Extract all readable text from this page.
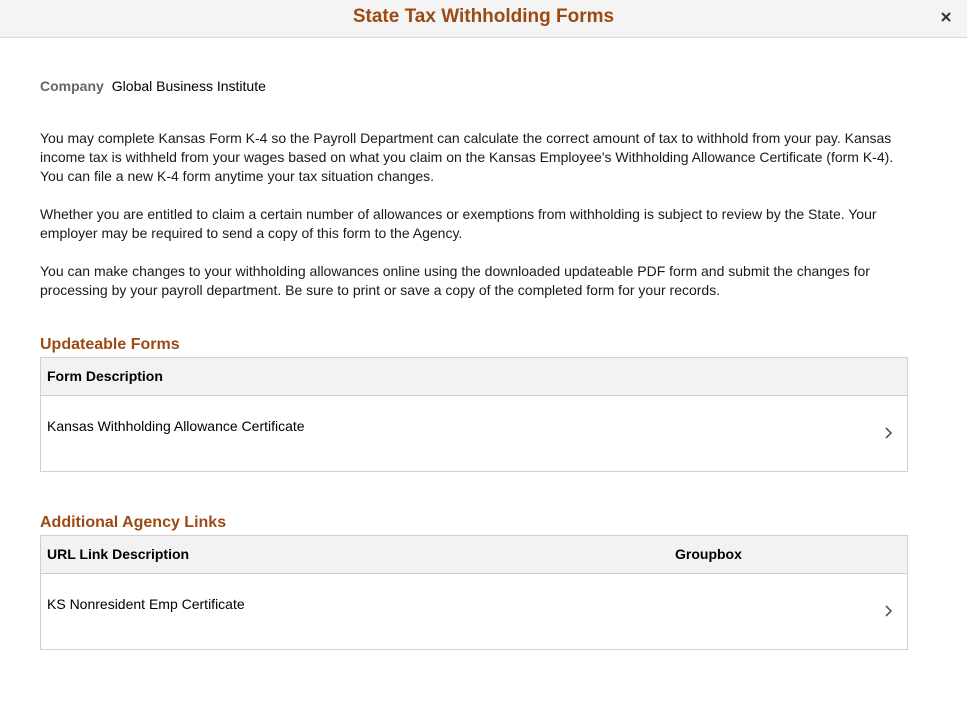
State Tax Withholding Forms
Company Global Business Institute
You may complete Kansas Form K-4 so the Payroll Department can calculate the correct amount of tax to withhold from your pay. Kansas income tax is withheld from your wages based on what you claim on the Kansas Employee's Withholding Allowance Certificate (form K-4). You can file a new K-4 form anytime your tax situation changes.
Whether you are entitled to claim a certain number of allowances or exemptions from withholding is subject to review by the State. Your employer may be required to send a copy of this form to the Agency.
You can make changes to your withholding allowances online using the downloaded updateable PDF form and submit the changes for processing by your payroll department. Be sure to print or save a copy of the completed form for your records.
Updateable Forms
Form Description
Kansas Withholding Allowance Certificate
Additional Agency Links
URL Link Description	Groupbox
KS Nonresident Emp Certificate
